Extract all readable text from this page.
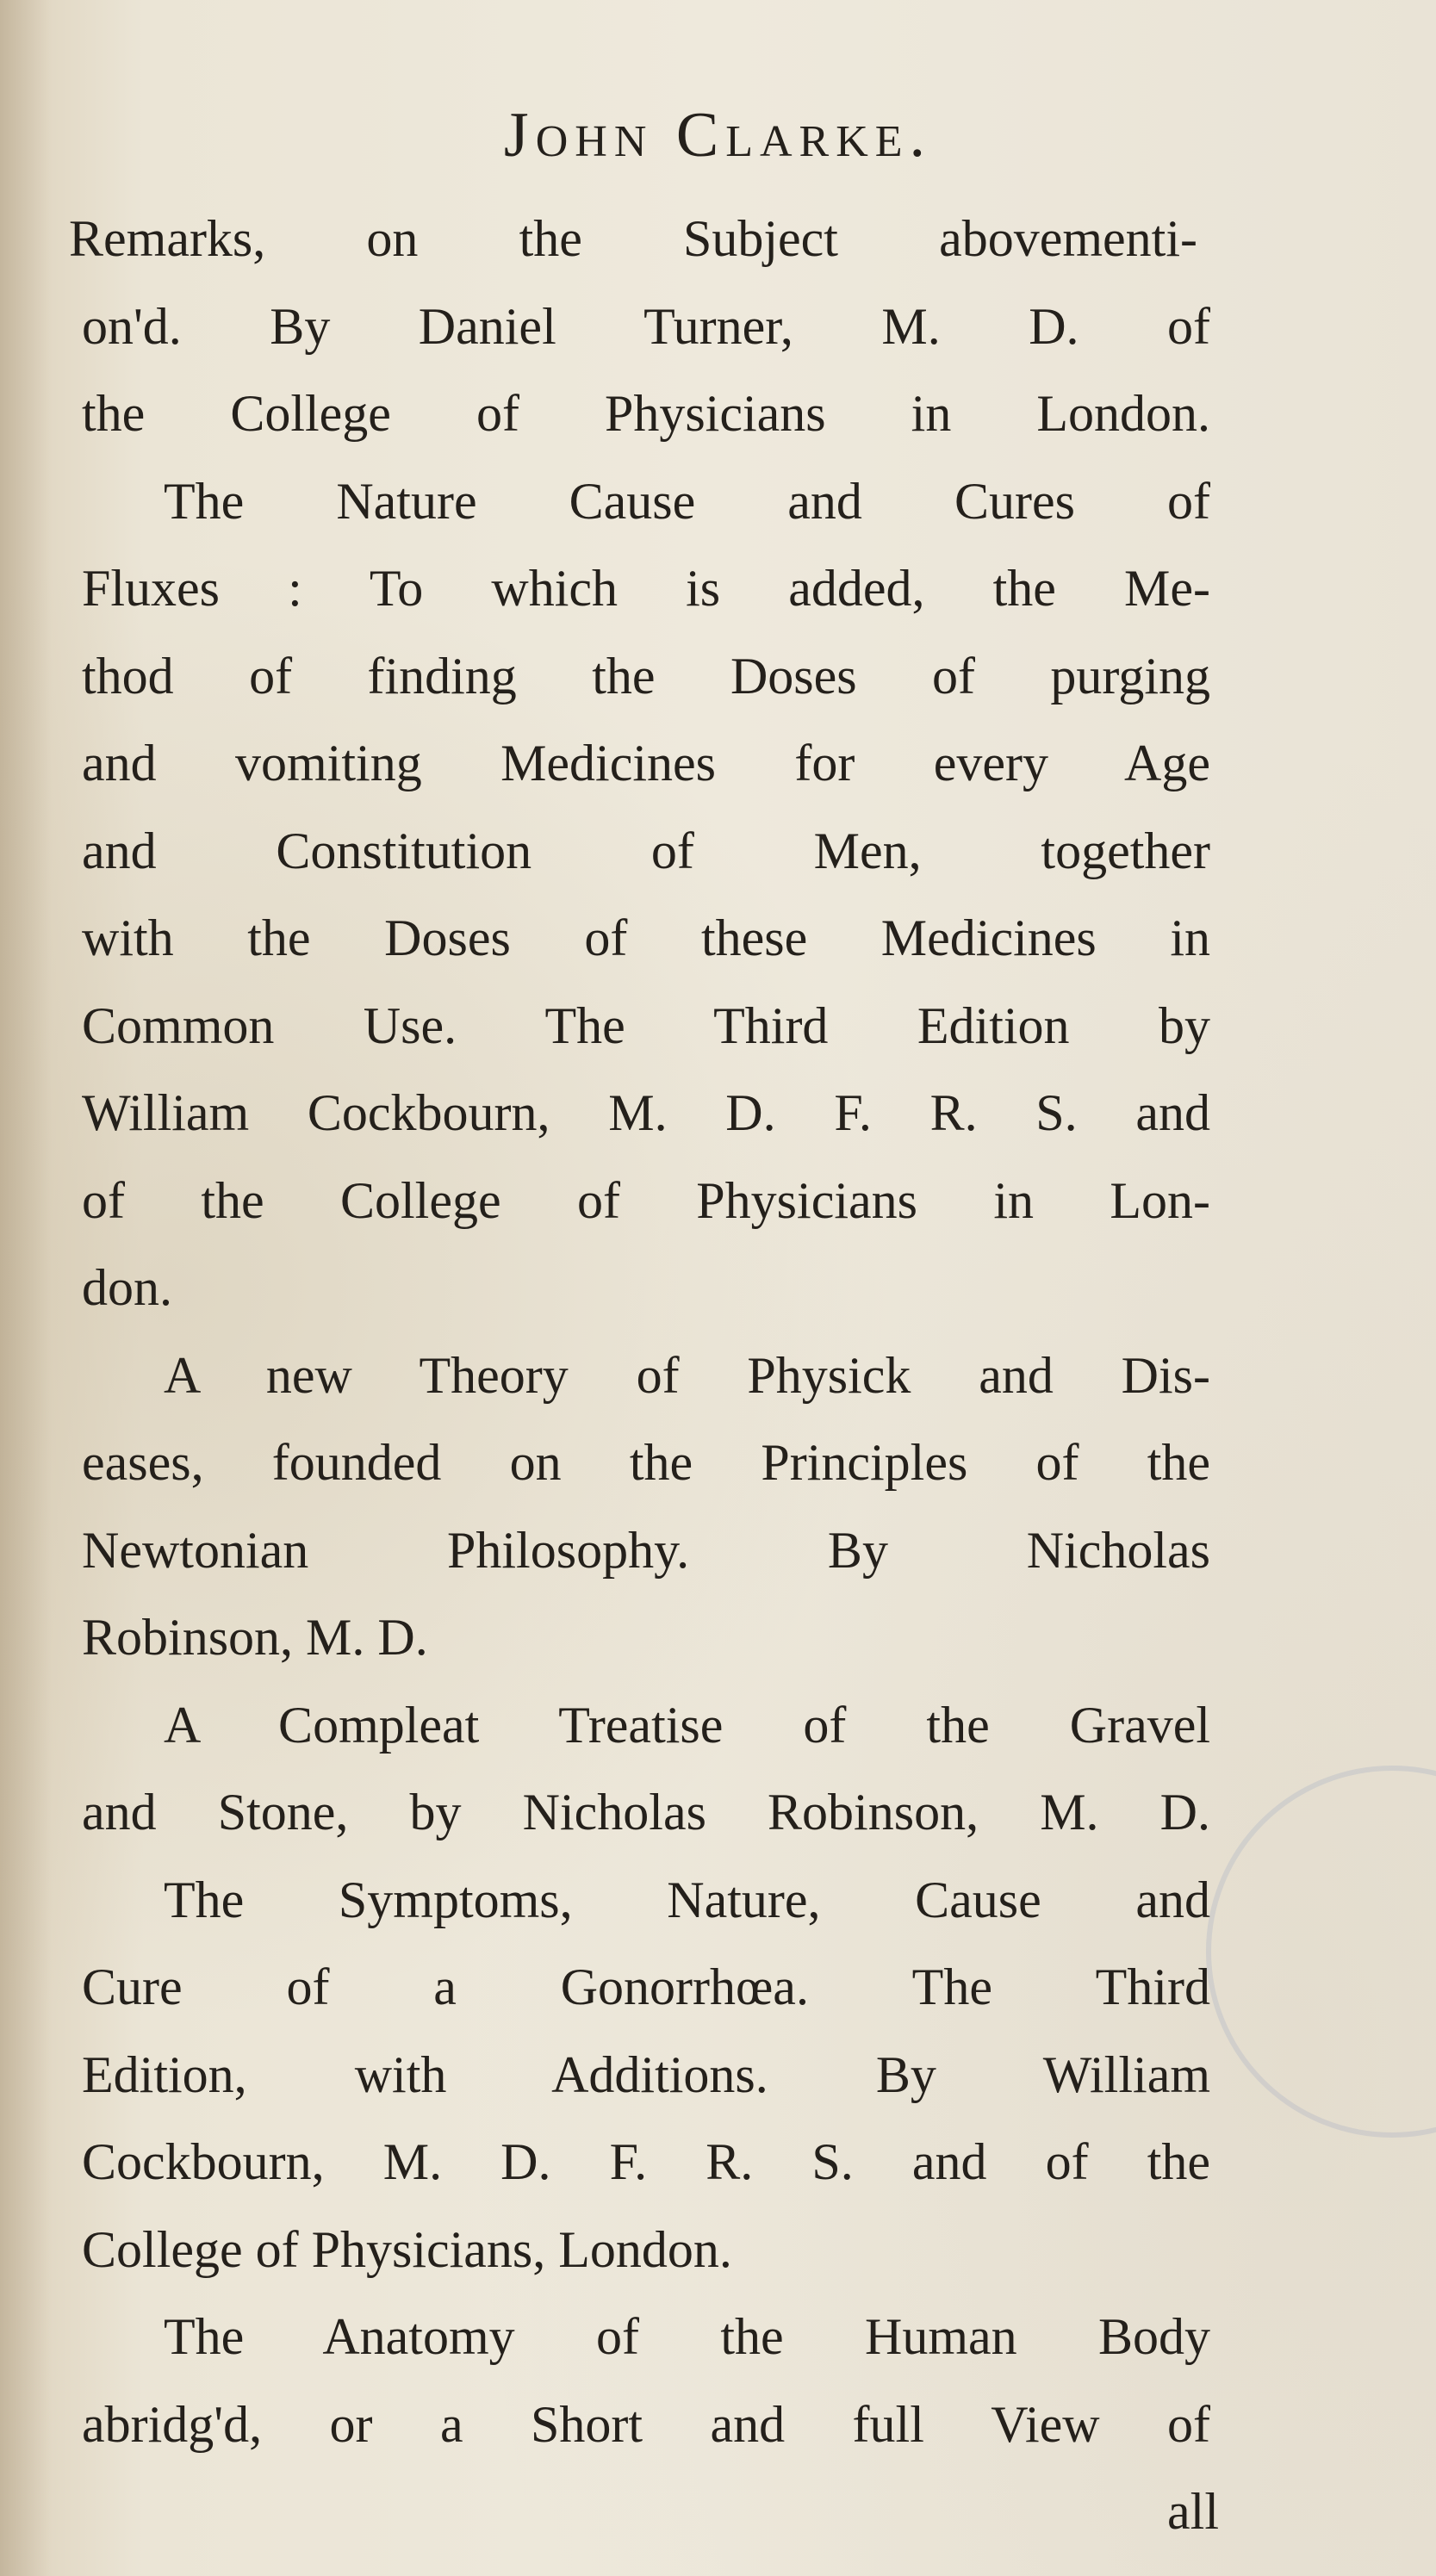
John Clarke.
Remarks, on the Subject abovementi-
on'd. By Daniel Turner, M. D. of
the College of Physicians in London.
The Nature Cause and Cures of
Fluxes : To which is added, the Me-
thod of finding the Doses of purging
and vomiting Medicines for every Age
and Constitution of Men, together
with the Doses of these Medicines in
Common Use. The Third Edition by
William Cockbourn, M. D. F. R. S. and
of the College of Physicians in Lon-
don.
A new Theory of Physick and Dis-
eases, founded on the Principles of the
Newtonian Philosophy. By Nicholas
Robinson, M. D.
A Compleat Treatise of the Gravel
and Stone, by Nicholas Robinson, M. D.
The Symptoms, Nature, Cause and
Cure of a Gonorrhœa. The Third
Edition, with Additions. By William
Cockbourn, M. D. F. R. S. and of the
College of Physicians, London.
The Anatomy of the Human Body
abridg'd, or a Short and full View of
all
